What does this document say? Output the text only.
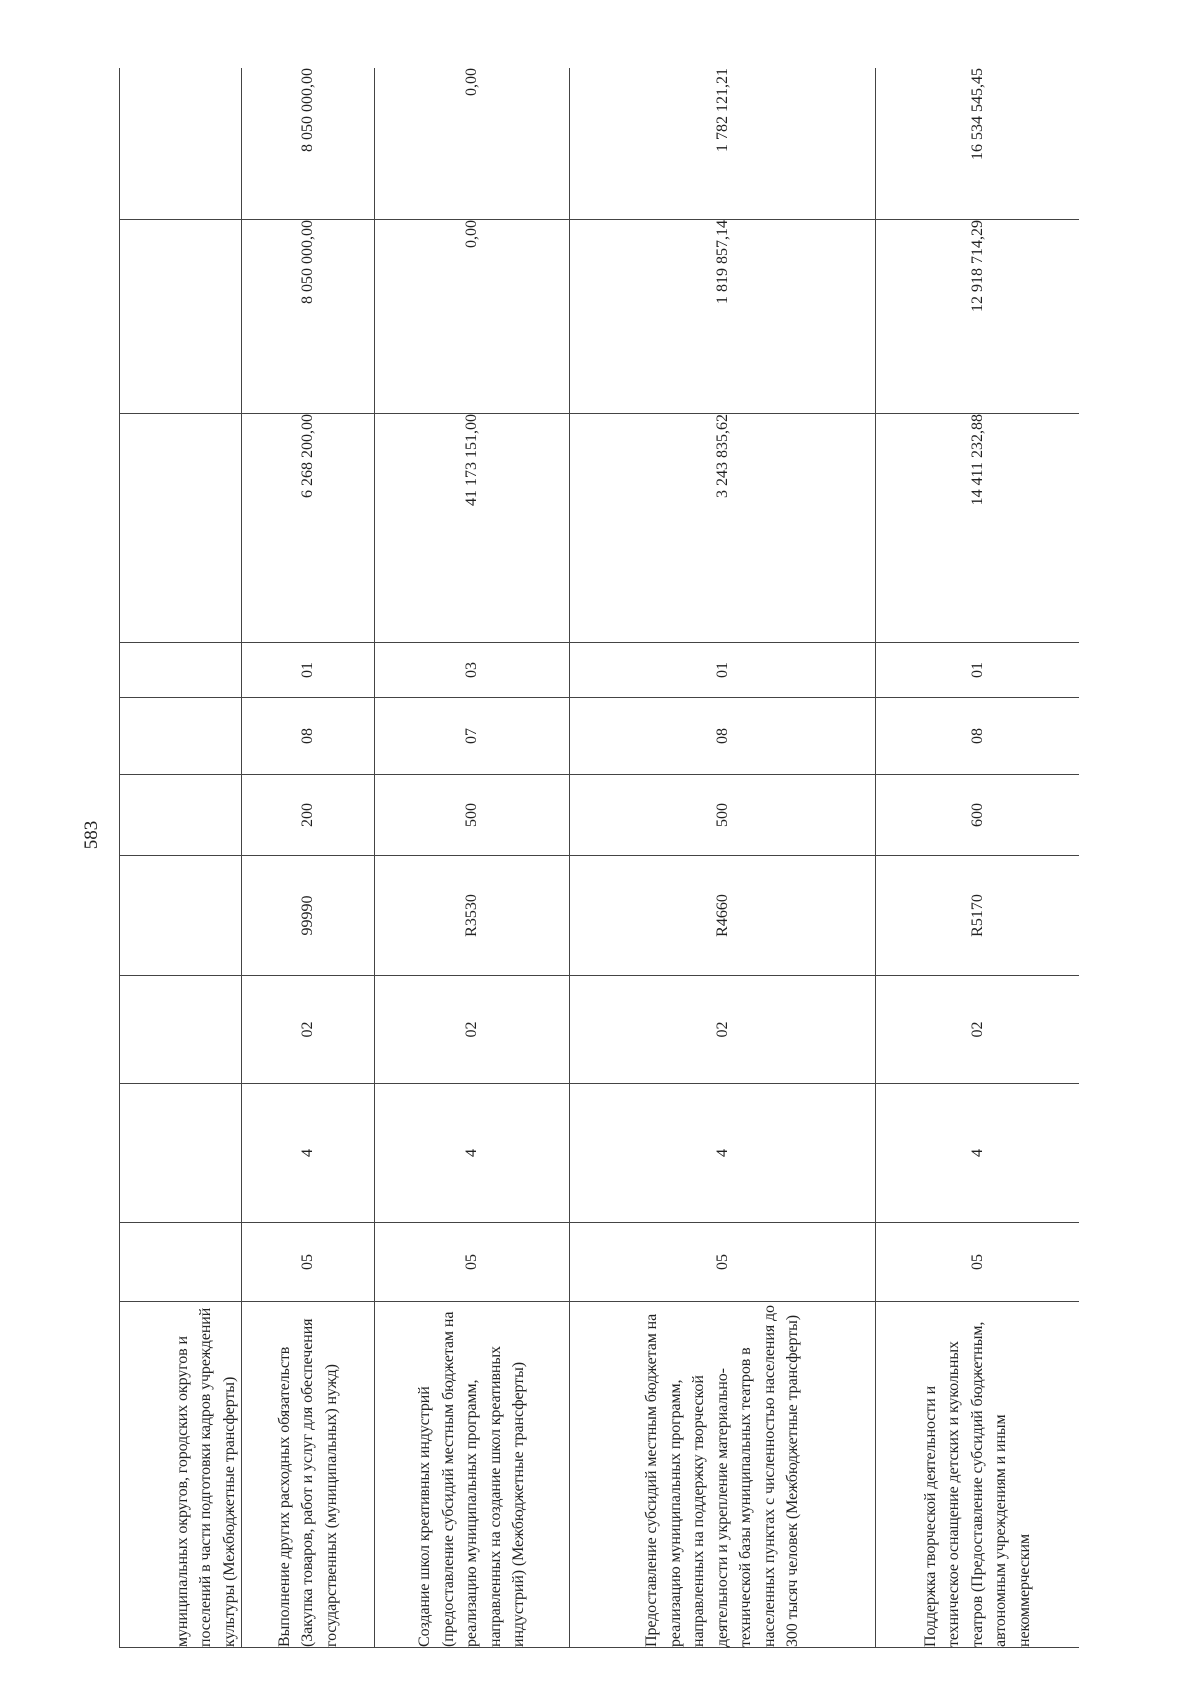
583
муниципальных округов, городских округов и поселений в части подготовки кадров учреждений культуры (Межбюджетные трансферты)										
Выполнение других расходных обязательств (Закупка товаров, работ и услуг для обеспечения государственных (муниципальных) нужд)	05	4	02	99990	200	08	01	6 268 200,00	8 050 000,00	8 050 000,00
Создание школ креативных индустрий (предоставление субсидий местным бюджетам на реализацию муниципальных программ, направленных на создание школ креативных индустрий) (Межбюджетные трансферты)	05	4	02	R3530	500	07	03	41 173 151,00	0,00	0,00
Предоставление субсидий местным бюджетам на реализацию муниципальных программ, направленных на поддержку творческой деятельности и укрепление материально-технической базы муниципальных театров в населенных пунктах с численностью населения до 300 тысяч человек (Межбюджетные трансферты)	05	4	02	R4660	500	08	01	3 243 835,62	1 819 857,14	1 782 121,21
Поддержка творческой деятельности и техническое оснащение детских и кукольных театров (Предоставление субсидий бюджетным, автономным учреждениям и иным некоммерческим	05	4	02	R5170	600	08	01	14 411 232,88	12 918 714,29	16 534 545,45
